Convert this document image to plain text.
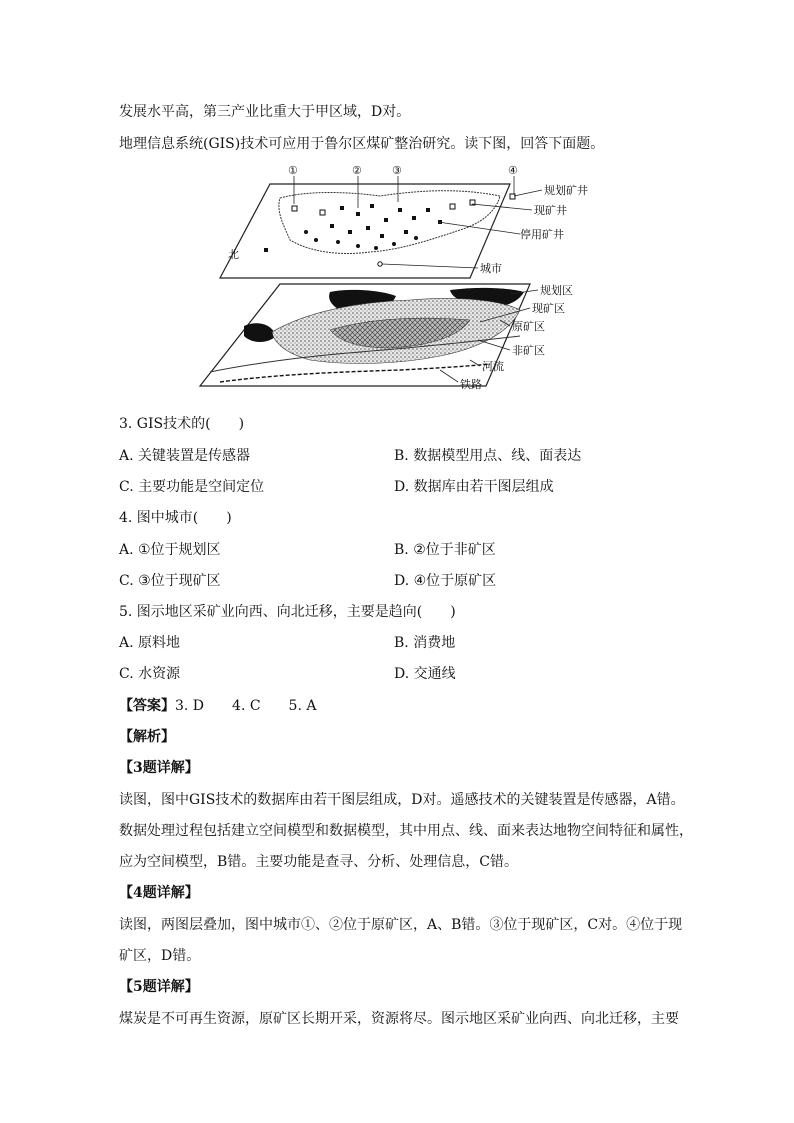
发展水平高，第三产业比重大于甲区域，D对。
地理信息系统(GIS)技术可应用于鲁尔区煤矿整治研究。读下图，回答下面题。
①	②	③	④
规划矿井
现矿井
停用矿井
城市
北
规划区
现矿区
原矿区
非矿区
河流
铁路
3. GIS技术的(　　)
A. 关键装置是传感器	B. 数据模型用点、线、面表达
C. 主要功能是空间定位	D. 数据库由若干图层组成
4. 图中城市(　　)
A. ①位于规划区	B. ②位于非矿区
C. ③位于现矿区	D. ④位于原矿区
5. 图示地区采矿业向西、向北迁移，主要是趋向(　　)
A. 原料地	B. 消费地
C. 水资源	D. 交通线
【答案】3. D　　4. C　　5. A
【解析】
【3题详解】
读图，图中GIS技术的数据库由若干图层组成，D对。遥感技术的关键装置是传感器，A错。
数据处理过程包括建立空间模型和数据模型，其中用点、线、面来表达地物空间特征和属性，
应为空间模型，B错。主要功能是查寻、分析、处理信息，C错。
【4题详解】
读图，两图层叠加，图中城市①、②位于原矿区，A、B错。③位于现矿区，C对。④位于现
矿区，D错。
【5题详解】
煤炭是不可再生资源，原矿区长期开采，资源将尽。图示地区采矿业向西、向北迁移，主要
